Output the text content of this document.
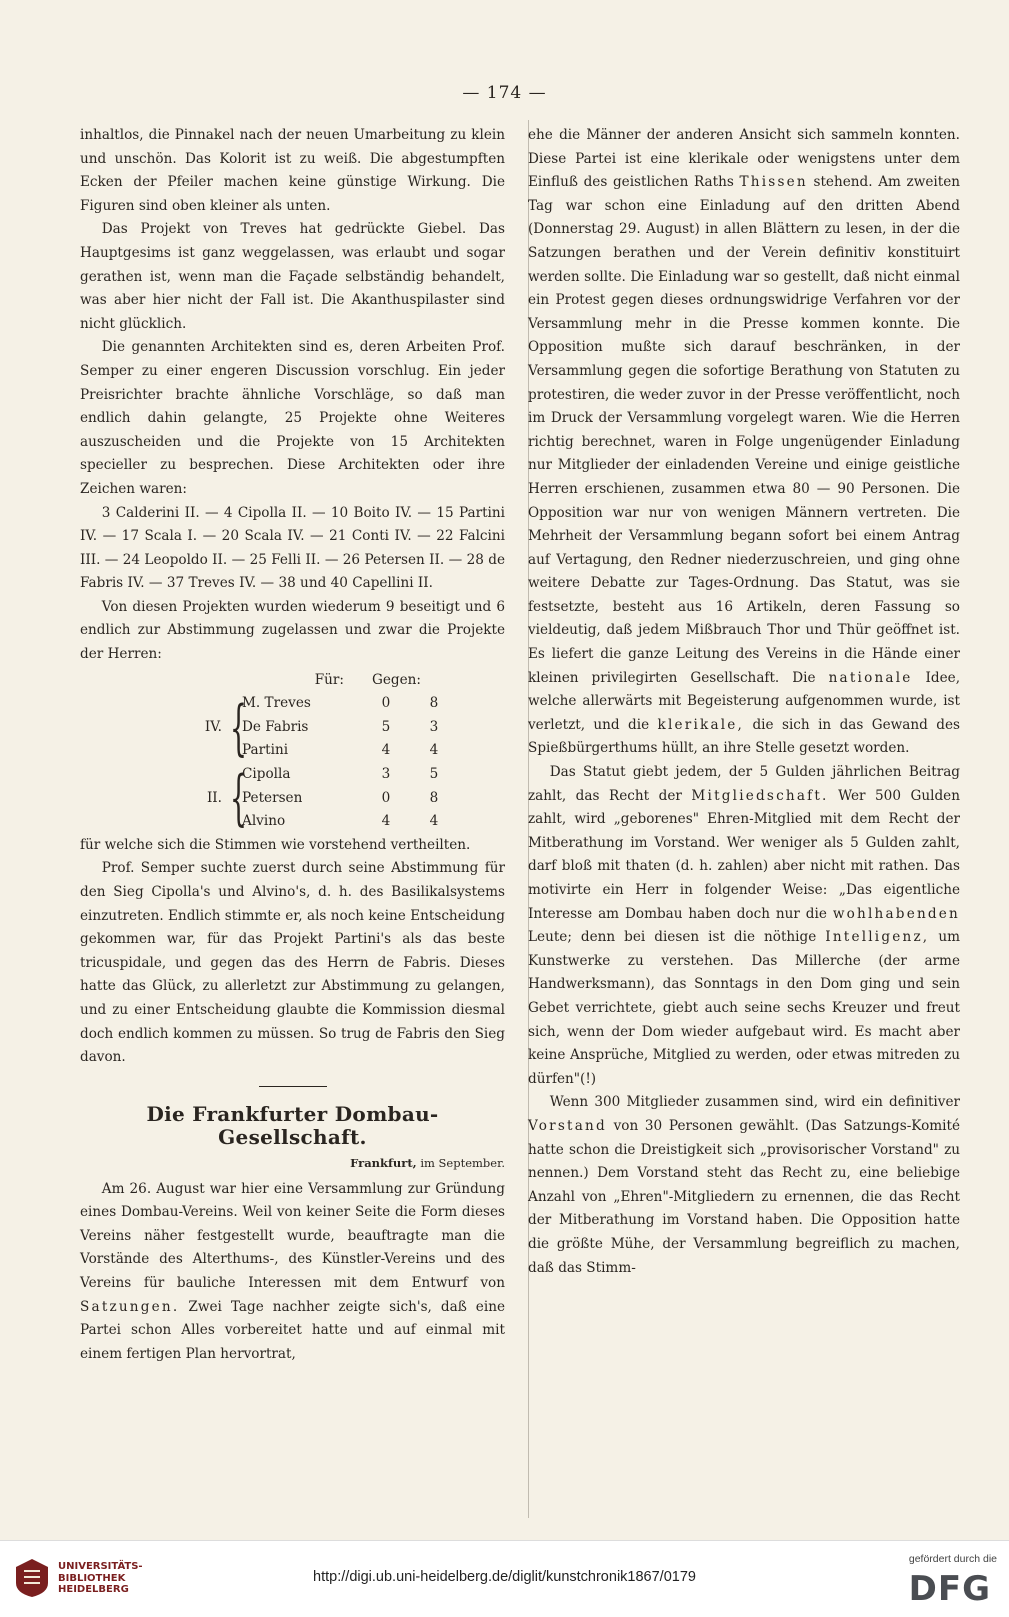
— 174 —

inhaltlos, die Pinnakel nach der neuen Umarbeitung zu klein und unschön. Das Kolorit ist zu weiß. Die abgestumpften Ecken der Pfeiler machen keine günstige Wirkung. Die Figuren sind oben kleiner als unten.

Das Projekt von Treves hat gedrückte Giebel. Das Hauptgesims ist ganz weggelassen, was erlaubt und sogar gerathen ist, wenn man die Façade selbständig behandelt, was aber hier nicht der Fall ist. Die Akanthuspilaster sind nicht glücklich.

Die genannten Architekten sind es, deren Arbeiten Prof. Semper zu einer engeren Discussion vorschlug. Ein jeder Preisrichter brachte ähnliche Vorschläge, so daß man endlich dahin gelangte, 25 Projekte ohne Weiteres auszuscheiden und die Projekte von 15 Architekten specieller zu besprechen. Diese Architekten oder ihre Zeichen waren:

3 Calderini II. — 4 Cipolla II. — 10 Boito IV. — 15 Partini IV. — 17 Scala I. — 20 Scala IV. — 21 Conti IV. — 22 Falcini III. — 24 Leopoldo II. — 25 Felli II. — 26 Petersen II. — 28 de Fabris IV. — 37 Treves IV. — 38 und 40 Capellini II.

Von diesen Projekten wurden wiederum 9 beseitigt und 6 endlich zur Abstimmung zugelassen und zwar die Projekte der Herren:

Für: Gegen:
IV. {
M. Treves	0	8
De Fabris	5	3
Partini	4	4
II. {
Cipolla	3	5
Petersen	0	8
Alvino	4	4

für welche sich die Stimmen wie vorstehend vertheilten.

Prof. Semper suchte zuerst durch seine Abstimmung für den Sieg Cipolla's und Alvino's, d. h. des Basilikalsystems einzutreten. Endlich stimmte er, als noch keine Entscheidung gekommen war, für das Projekt Partini's als das beste tricuspidale, und gegen das des Herrn de Fabris. Dieses hatte das Glück, zu allerletzt zur Abstimmung zu gelangen, und zu einer Entscheidung glaubte die Kommission diesmal doch endlich kommen zu müssen. So trug de Fabris den Sieg davon.

Die Frankfurter Dombau-Gesellschaft.
Frankfurt, im September.

Am 26. August war hier eine Versammlung zur Gründung eines Dombau-Vereins. Weil von keiner Seite die Form dieses Vereins näher festgestellt wurde, beauftragte man die Vorstände des Alterthums-, des Künstler-Vereins und des Vereins für bauliche Interessen mit dem Entwurf von Satzungen. Zwei Tage nachher zeigte sich's, daß eine Partei schon Alles vorbereitet hatte und auf einmal mit einem fertigen Plan hervortrat,

ehe die Männer der anderen Ansicht sich sammeln konnten. Diese Partei ist eine klerikale oder wenigstens unter dem Einfluß des geistlichen Raths Thissen stehend. Am zweiten Tag war schon eine Einladung auf den dritten Abend (Donnerstag 29. August) in allen Blättern zu lesen, in der die Satzungen berathen und der Verein definitiv konstituirt werden sollte. Die Einladung war so gestellt, daß nicht einmal ein Protest gegen dieses ordnungswidrige Verfahren vor der Versammlung mehr in die Presse kommen konnte. Die Opposition mußte sich darauf beschränken, in der Versammlung gegen die sofortige Berathung von Statuten zu protestiren, die weder zuvor in der Presse veröffentlicht, noch im Druck der Versammlung vorgelegt waren. Wie die Herren richtig berechnet, waren in Folge ungenügender Einladung nur Mitglieder der einladenden Vereine und einige geistliche Herren erschienen, zusammen etwa 80 — 90 Personen. Die Opposition war nur von wenigen Männern vertreten. Die Mehrheit der Versammlung begann sofort bei einem Antrag auf Vertagung, den Redner niederzuschreien, und ging ohne weitere Debatte zur Tages-Ordnung. Das Statut, was sie festsetzte, besteht aus 16 Artikeln, deren Fassung so vieldeutig, daß jedem Mißbrauch Thor und Thür geöffnet ist. Es liefert die ganze Leitung des Vereins in die Hände einer kleinen privilegirten Gesellschaft. Die nationale Idee, welche allerwärts mit Begeisterung aufgenommen wurde, ist verletzt, und die klerikale, die sich in das Gewand des Spießbürgerthums hüllt, an ihre Stelle gesetzt worden.

Das Statut giebt jedem, der 5 Gulden jährlichen Beitrag zahlt, das Recht der Mitgliedschaft. Wer 500 Gulden zahlt, wird „geborenes" Ehren-Mitglied mit dem Recht der Mitberathung im Vorstand. Wer weniger als 5 Gulden zahlt, darf bloß mit thaten (d. h. zahlen) aber nicht mit rathen. Das motivirte ein Herr in folgender Weise: „Das eigentliche Interesse am Dombau haben doch nur die wohlhabenden Leute; denn bei diesen ist die nöthige Intelligenz, um Kunstwerke zu verstehen. Das Millerche (der arme Handwerksmann), das Sonntags in den Dom ging und sein Gebet verrichtete, giebt auch seine sechs Kreuzer und freut sich, wenn der Dom wieder aufgebaut wird. Es macht aber keine Ansprüche, Mitglied zu werden, oder etwas mitreden zu dürfen"(!)

Wenn 300 Mitglieder zusammen sind, wird ein definitiver Vorstand von 30 Personen gewählt. (Das Satzungs-Komité hatte schon die Dreistigkeit sich „provisorischer Vorstand" zu nennen.) Dem Vorstand steht das Recht zu, eine beliebige Anzahl von „Ehren"-Mitgliedern zu ernennen, die das Recht der Mitberathung im Vorstand haben. Die Opposition hatte die größte Mühe, der Versammlung begreiflich zu machen, daß das Stimm-

UNIVERSITÄTS-
BIBLIOTHEK
HEIDELBERG
http://digi.ub.uni-heidelberg.de/diglit/kunstchronik1867/0179
gefördert durch die
DFG
